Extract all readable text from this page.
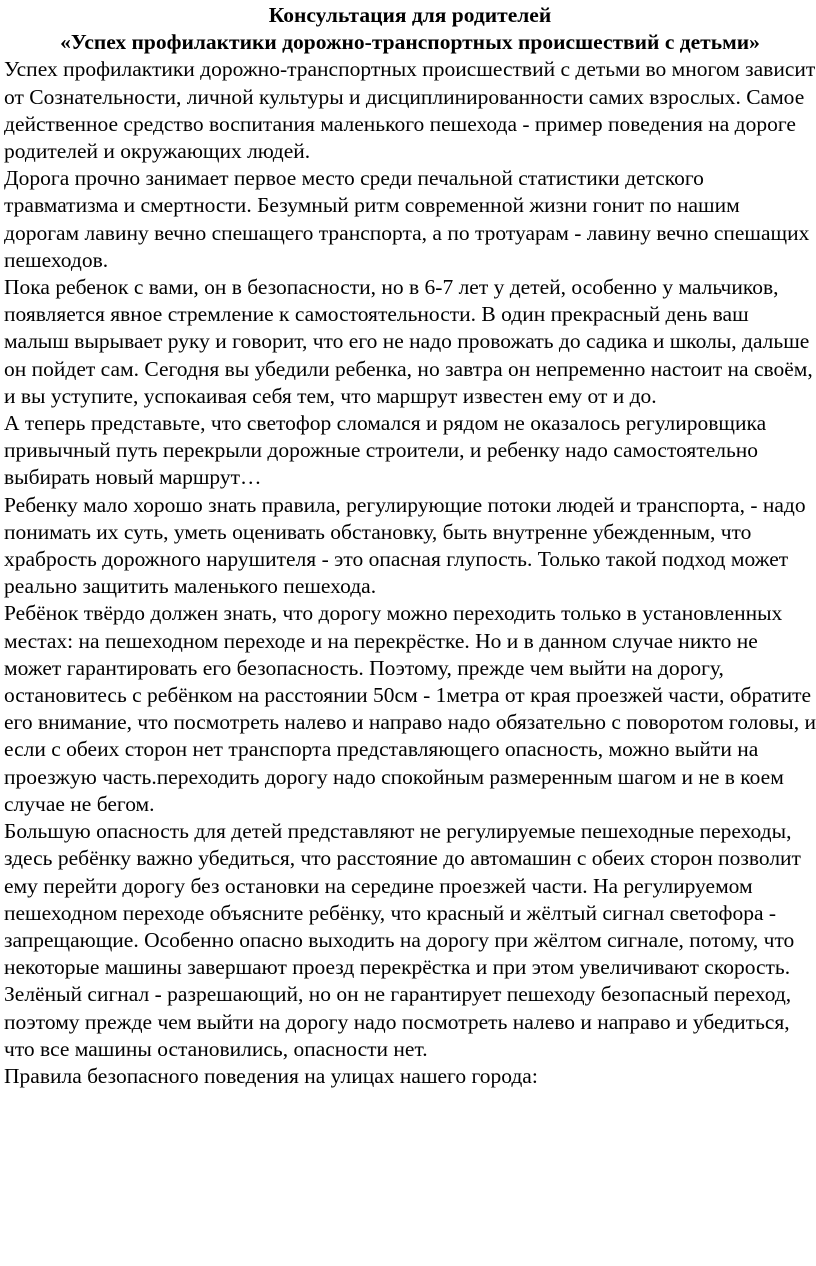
Консультация для родителей
«Успех профилактики дорожно-транспортных происшествий с детьми»

Успех профилактики дорожно-транспортных происшествий с детьми во многом зависит от Сознательности, личной культуры и дисциплинированности самих взрослых. Самое действенное средство воспитания маленького пешехода - пример поведения на дороге родителей и окружающих людей.

Дорога прочно занимает первое место среди печальной статистики детского травматизма и смертности. Безумный ритм современной жизни гонит по нашим дорогам лавину вечно спешащего транспорта, а по тротуарам - лавину вечно спешащих пешеходов.

Пока ребенок с вами, он в безопасности, но в 6-7 лет у детей, особенно у мальчиков, появляется явное стремление к самостоятельности. В один прекрасный день ваш малыш вырывает руку и говорит, что его не надо провожать до садика и школы, дальше он пойдет сам. Сегодня вы убедили ребенка, но завтра он непременно настоит на своём, и вы уступите, успокаивая себя тем, что маршрут известен ему от и до.

А теперь представьте, что светофор сломался и рядом не оказалось регулировщика привычный путь перекрыли дорожные строители, и ребенку надо самостоятельно выбирать новый маршрут…

Ребенку мало хорошо знать правила, регулирующие потоки людей и транспорта, - надо понимать их суть, уметь оценивать обстановку, быть внутренне убежденным, что храбрость дорожного нарушителя - это опасная глупость. Только такой подход может реально защитить маленького пешехода.

Ребёнок твёрдо должен знать, что дорогу можно переходить только в установленных местах: на пешеходном переходе и на перекрёстке. Но и в данном случае никто не может гарантировать его безопасность. Поэтому, прежде чем выйти на дорогу, остановитесь с ребёнком на расстоянии 50см - 1метра от края проезжей части, обратите его внимание, что посмотреть налево и направо надо обязательно с поворотом головы, и если с обеих сторон нет транспорта представляющего опасность, можно выйти на проезжую часть.переходить дорогу надо спокойным размеренным шагом и не в коем случае не бегом.

Большую опасность для детей представляют не регулируемые пешеходные переходы, здесь ребёнку важно убедиться, что расстояние до автомашин с обеих сторон позволит ему перейти дорогу без остановки на середине проезжей части. На регулируемом пешеходном переходе объясните ребёнку, что красный и жёлтый сигнал светофора - запрещающие. Особенно опасно выходить на дорогу при жёлтом сигнале, потому, что некоторые машины завершают проезд перекрёстка и при этом увеличивают скорость. Зелёный сигнал - разрешающий, но он не гарантирует пешеходу безопасный переход, поэтому прежде чем выйти на дорогу надо посмотреть налево и направо и убедиться, что все машины остановились, опасности нет.

Правила безопасного поведения на улицах нашего города:
